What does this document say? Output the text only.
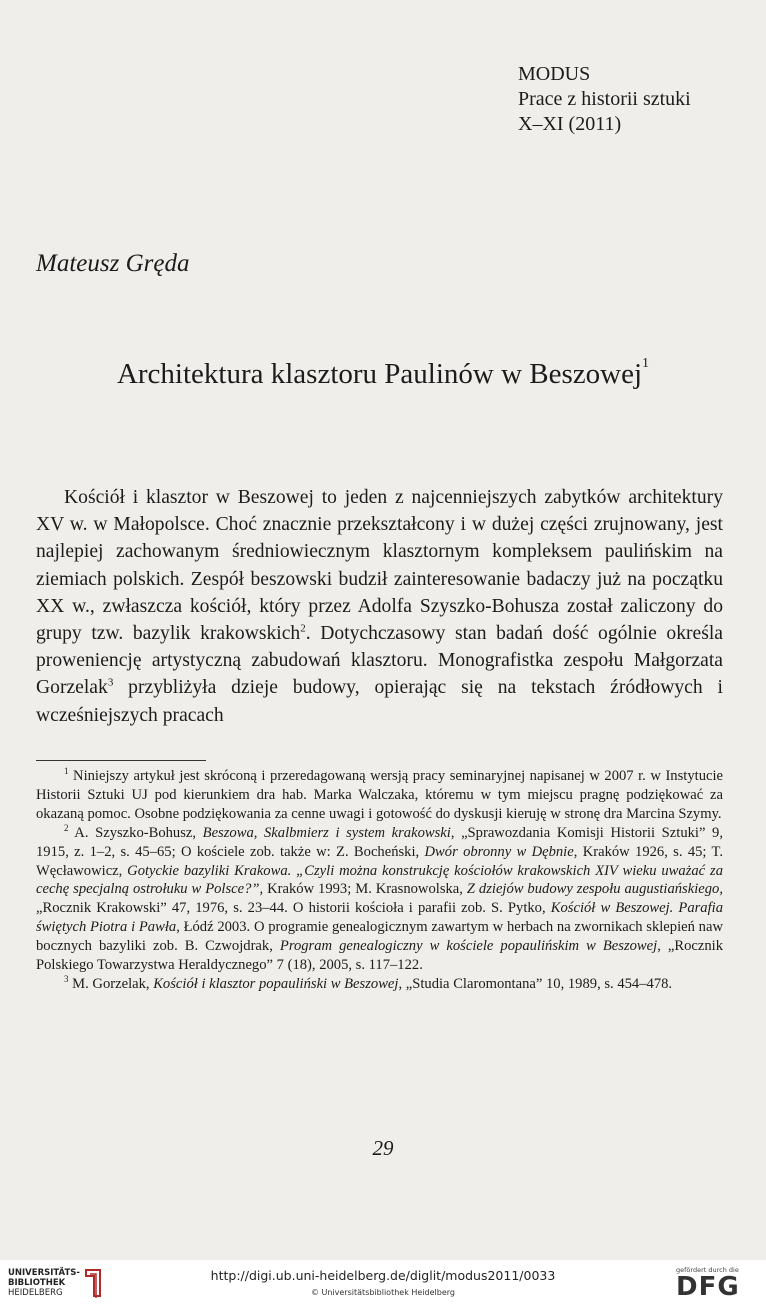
MODUS
Prace z historii sztuki
X–XI (2011)
Mateusz Gręda
Architektura klasztoru Paulinów w Beszowej$^1$

Kościół i klasztor w Beszowej to jeden z najcenniejszych zabytków architektury XV w. w Małopolsce. Choć znacznie przekształcony i w dużej części zrujnowany, jest najlepiej zachowanym średniowiecznym klasztornym kompleksem paulińskim na ziemiach polskich. Zespół beszowski budził zainteresowanie badaczy już na początku XX w., zwłaszcza kościół, który przez Adolfa Szyszko-Bohusza został zaliczony do grupy tzw. bazylik krakowskich$^2$. Dotychczasowy stan badań dość ogólnie określa proweniencję artystyczną zabudowań klasztoru. Monografistka zespołu Małgorzata Gorzelak$^3$ przybliżyła dzieje budowy, opierając się na tekstach źródłowych i wcześniejszych pracach

$^1$ Niniejszy artykuł jest skróconą i przeredagowaną wersją pracy seminaryjnej napisanej w 2007 r. w Instytucie Historii Sztuki UJ pod kierunkiem dra hab. Marka Walczaka, któremu w tym miejscu pragnę podziękować za okazaną pomoc. Osobne podziękowania za cenne uwagi i gotowość do dyskusji kieruję w stronę dra Marcina Szymy.

$^2$ A. Szyszko-Bohusz, Beszowa, Skalbmierz i system krakowski, „Sprawozdania Komisji Historii Sztuki” 9, 1915, z. 1–2, s. 45–65; O kościele zob. także w: Z. Bocheński, Dwór obronny w Dębnie, Kraków 1926, s. 45; T. Węcławowicz, Gotyckie bazyliki Krakowa. „Czyli można konstrukcję kościołów krakowskich XIV wieku uważać za cechę specjalną ostrołuku w Polsce?”, Kraków 1993; M. Krasnowolska, Z dziejów budowy zespołu augustiańskiego, „Rocznik Krakowski” 47, 1976, s. 23–44. O historii kościoła i parafii zob. S. Pytko, Kościół w Beszowej. Parafia świętych Piotra i Pawła, Łódź 2003. O programie genealogicznym zawartym w herbach na zwornikach sklepień naw bocznych bazyliki zob. B. Czwojdrak, Program genealogiczny w kościele popaulińskim w Beszowej, „Rocznik Polskiego Towarzystwa Heraldycznego” 7 (18), 2005, s. 117–122.

$^3$ M. Gorzelak, Kościół i klasztor popauliński w Beszowej, „Studia Claromontana” 10, 1989, s. 454–478.

29
UNIVERSITÄTS-
BIBLIOTHEK
HEIDELBERG
http://digi.ub.uni-heidelberg.de/diglit/modus2011/0033
© Universitätsbibliothek Heidelberg
gefördert durch die
DFG
